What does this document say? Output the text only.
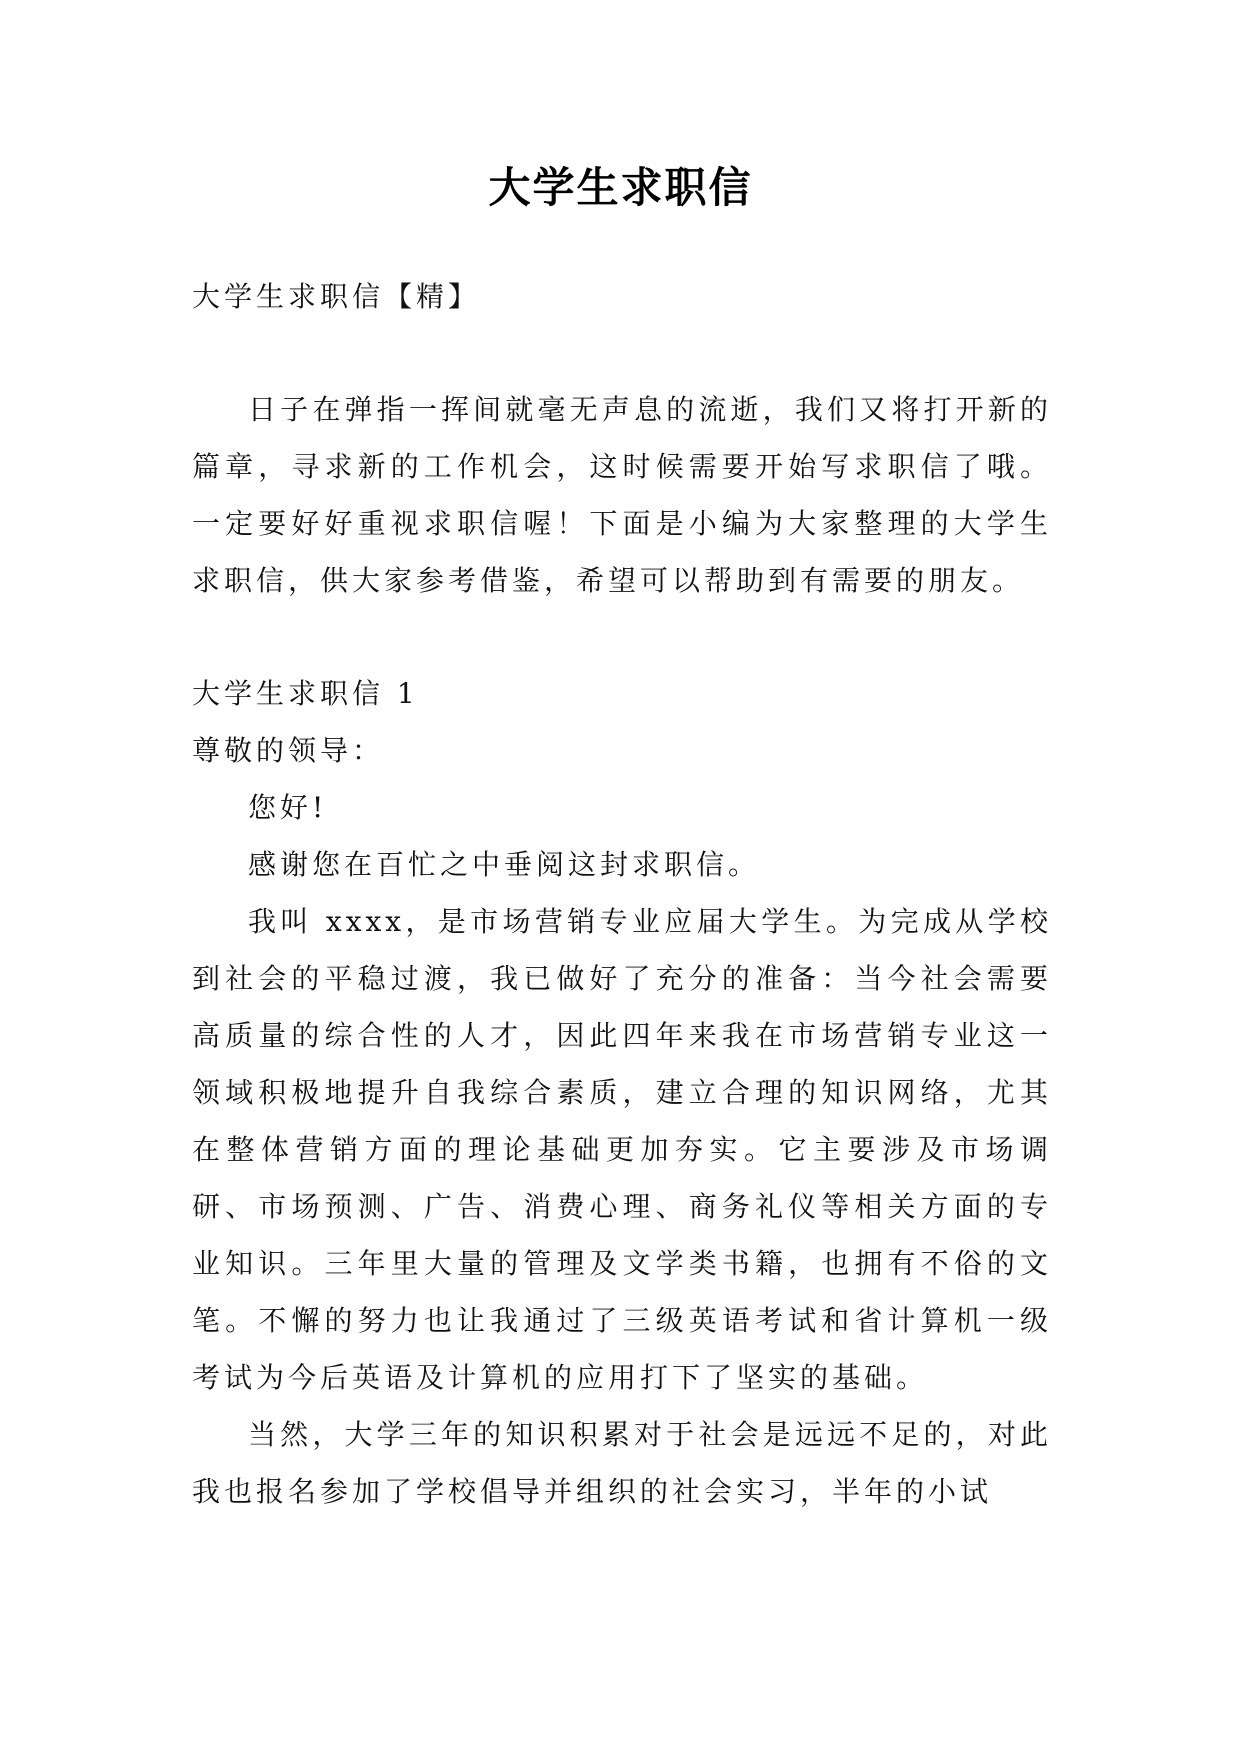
大学生求职信

大学生求职信【精】

日子在弹指一挥间就毫无声息的流逝，我们又将打开新的篇章，寻求新的工作机会，这时候需要开始写求职信了哦。一定要好好重视求职信喔！下面是小编为大家整理的大学生求职信，供大家参考借鉴，希望可以帮助到有需要的朋友。

大学生求职信 1

尊敬的领导：

您好!

感谢您在百忙之中垂阅这封求职信。

我叫 xxxx，是市场营销专业应届大学生。为完成从学校到社会的平稳过渡，我已做好了充分的准备：当今社会需要高质量的综合性的人才，因此四年来我在市场营销专业这一领域积极地提升自我综合素质，建立合理的知识网络，尤其在整体营销方面的理论基础更加夯实。它主要涉及市场调研、市场预测、广告、消费心理、商务礼仪等相关方面的专业知识。三年里大量的管理及文学类书籍，也拥有不俗的文笔。不懈的努力也让我通过了三级英语考试和省计算机一级考试为今后英语及计算机的应用打下了坚实的基础。

当然，大学三年的知识积累对于社会是远远不足的，对此我也报名参加了学校倡导并组织的社会实习，半年的小试
